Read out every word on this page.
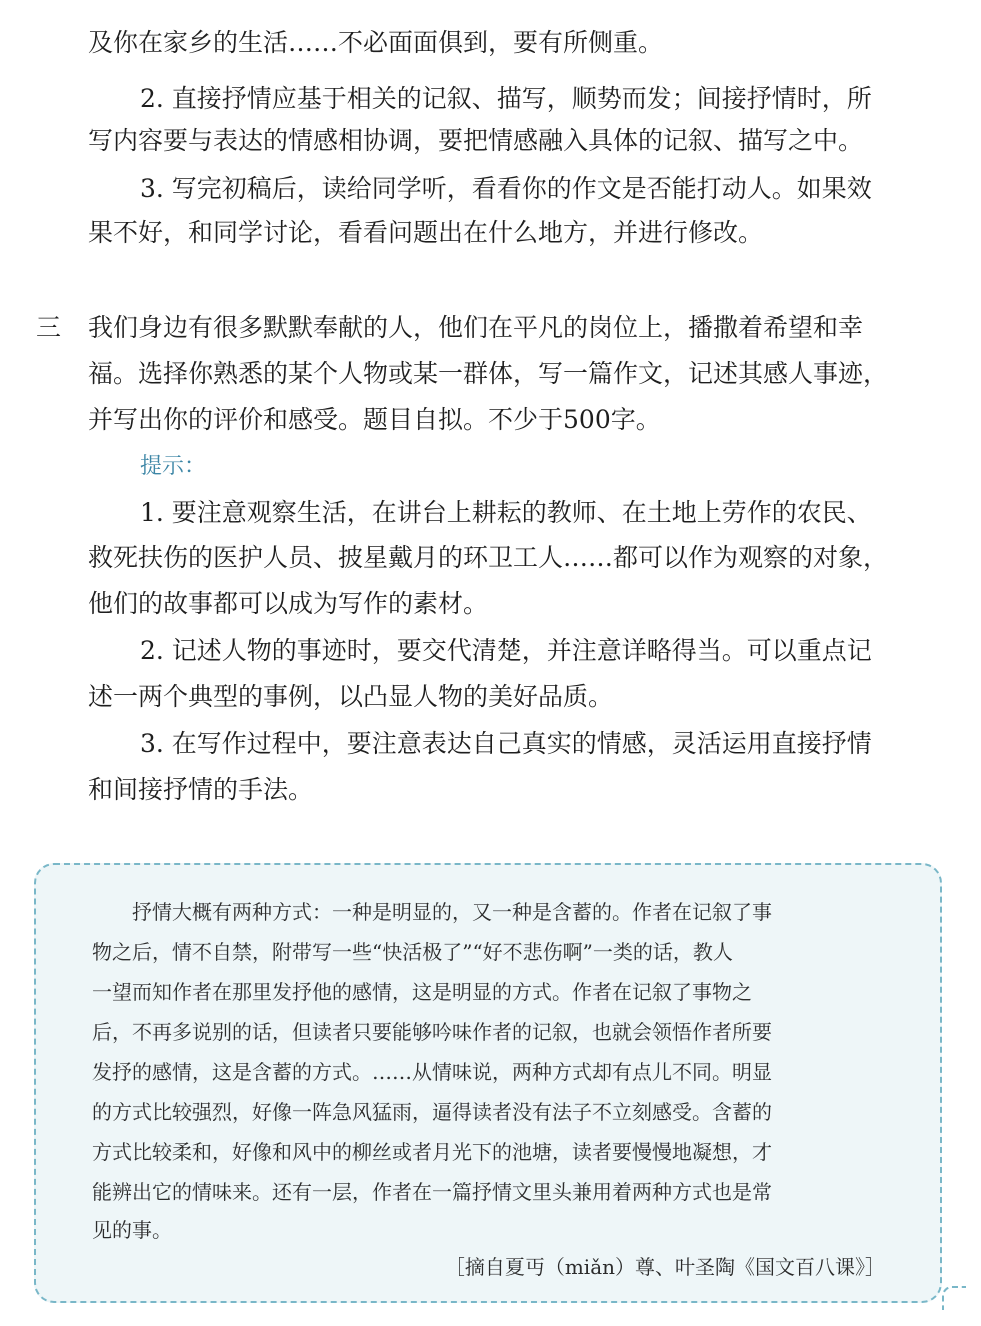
及你在家乡的生活……不必面面俱到，要有所侧重。
2. 直接抒情应基于相关的记叙、描写，顺势而发；间接抒情时，所
写内容要与表达的情感相协调，要把情感融入具体的记叙、描写之中。
3. 写完初稿后，读给同学听，看看你的作文是否能打动人。如果效
果不好，和同学讨论，看看问题出在什么地方，并进行修改。
三 我们身边有很多默默奉献的人，他们在平凡的岗位上，播撒着希望和幸
福。选择你熟悉的某个人物或某一群体，写一篇作文，记述其感人事迹，
并写出你的评价和感受。题目自拟。不少于500字。
提示：
1. 要注意观察生活，在讲台上耕耘的教师、在土地上劳作的农民、
救死扶伤的医护人员、披星戴月的环卫工人……都可以作为观察的对象，
他们的故事都可以成为写作的素材。
2. 记述人物的事迹时，要交代清楚，并注意详略得当。可以重点记
述一两个典型的事例，以凸显人物的美好品质。
3. 在写作过程中，要注意表达自己真实的情感，灵活运用直接抒情
和间接抒情的手法。
抒情大概有两种方式：一种是明显的，又一种是含蓄的。作者在记叙了事
物之后，情不自禁，附带写一些“快活极了”“好不悲伤啊”一类的话，教人
一望而知作者在那里发抒他的感情，这是明显的方式。作者在记叙了事物之
后，不再多说别的话，但读者只要能够吟味作者的记叙，也就会领悟作者所要
发抒的感情，这是含蓄的方式。……从情味说，两种方式却有点儿不同。明显
的方式比较强烈，好像一阵急风猛雨，逼得读者没有法子不立刻感受。含蓄的
方式比较柔和，好像和风中的柳丝或者月光下的池塘，读者要慢慢地凝想，才
能辨出它的情味来。还有一层，作者在一篇抒情文里头兼用着两种方式也是常
见的事。
［摘自夏丏（miǎn）尊、叶圣陶《国文百八课》］
